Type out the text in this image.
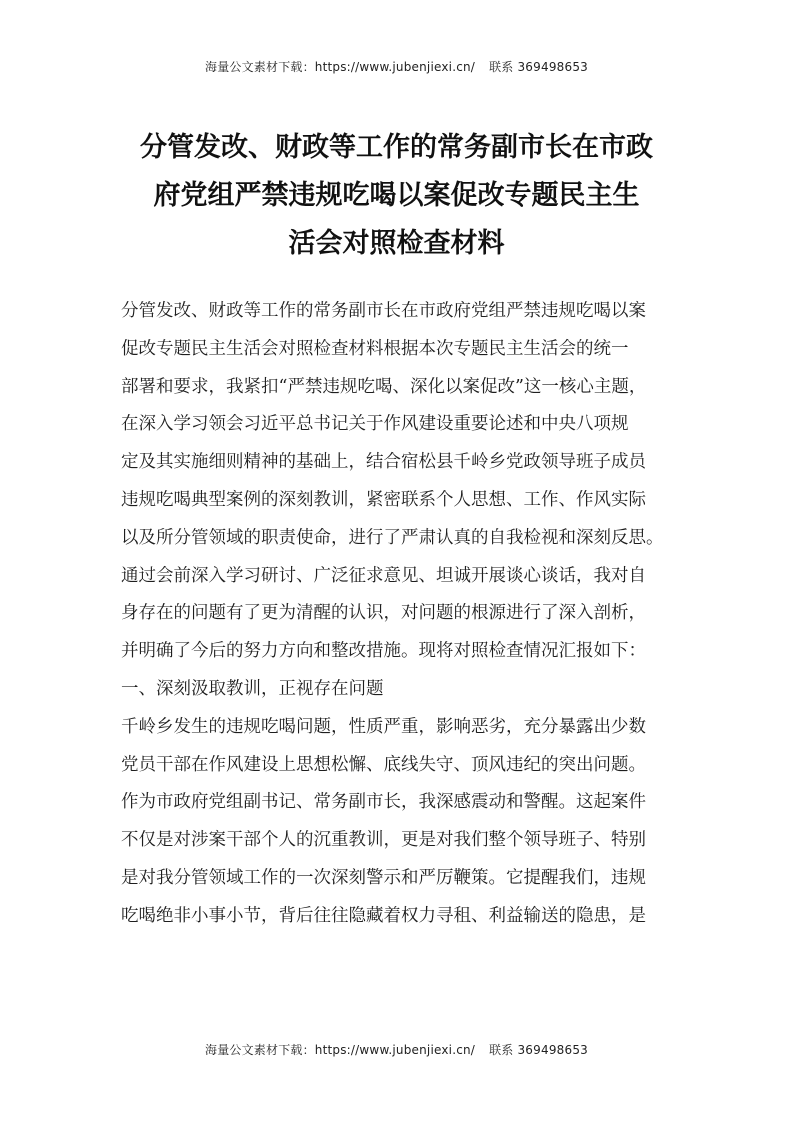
海量公文素材下载：https://www.jubenjiexi.cn/ 联系 369498653
分管发改、财政等工作的常务副市长在市政
府党组严禁违规吃喝以案促改专题民主生
活会对照检查材料
分管发改、财政等工作的常务副市长在市政府党组严禁违规吃喝以案
促改专题民主生活会对照检查材料根据本次专题民主生活会的统一
部署和要求，我紧扣“严禁违规吃喝、深化以案促改”这一核心主题，
在深入学习领会习近平总书记关于作风建设重要论述和中央八项规
定及其实施细则精神的基础上，结合宿松县千岭乡党政领导班子成员
违规吃喝典型案例的深刻教训，紧密联系个人思想、工作、作风实际
以及所分管领域的职责使命，进行了严肃认真的自我检视和深刻反思。
通过会前深入学习研讨、广泛征求意见、坦诚开展谈心谈话，我对自
身存在的问题有了更为清醒的认识，对问题的根源进行了深入剖析，
并明确了今后的努力方向和整改措施。现将对照检查情况汇报如下：
一、深刻汲取教训，正视存在问题
千岭乡发生的违规吃喝问题，性质严重，影响恶劣，充分暴露出少数
党员干部在作风建设上思想松懈、底线失守、顶风违纪的突出问题。
作为市政府党组副书记、常务副市长，我深感震动和警醒。这起案件
不仅是对涉案干部个人的沉重教训，更是对我们整个领导班子、特别
是对我分管领域工作的一次深刻警示和严厉鞭策。它提醒我们，违规
吃喝绝非小事小节，背后往往隐藏着权力寻租、利益输送的隐患，是
海量公文素材下载：https://www.jubenjiexi.cn/ 联系 369498653
